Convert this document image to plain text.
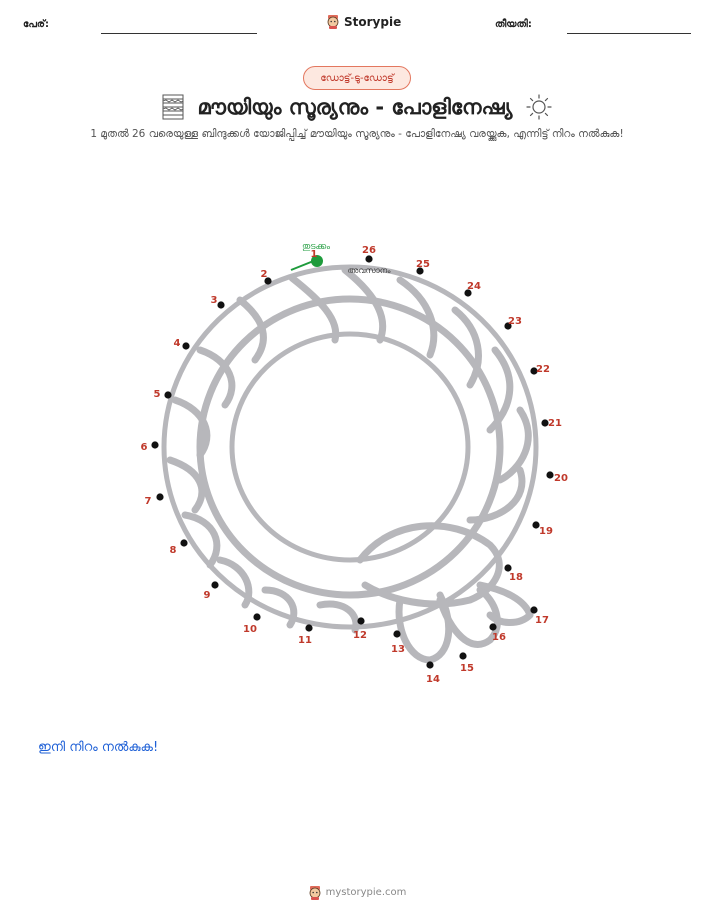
പേര്:	Storypie	തീയതി:
ഡോട്ട്-ടു-ഡോട്ട്
മൗയിയും സൂര്യനും - പോളിനേഷ്യ
1 മുതൽ 26 വരെയുള്ള ബിന്ദുക്കൾ യോജിപ്പിച്ച് മൗയിയും സൂര്യനും - പോളിനേഷ്യ വരയ്ക്കുക, എന്നിട്ട് നിറം നൽകുക!
തുടക്കം
അവസാനം
1
2
3
4
5
6
7
8
9
10
11	12
13
14
15
16
17
18
19
20
21
22
23
24
25
26
ഇനി നിറം നൽകുക!
mystorypie.com
